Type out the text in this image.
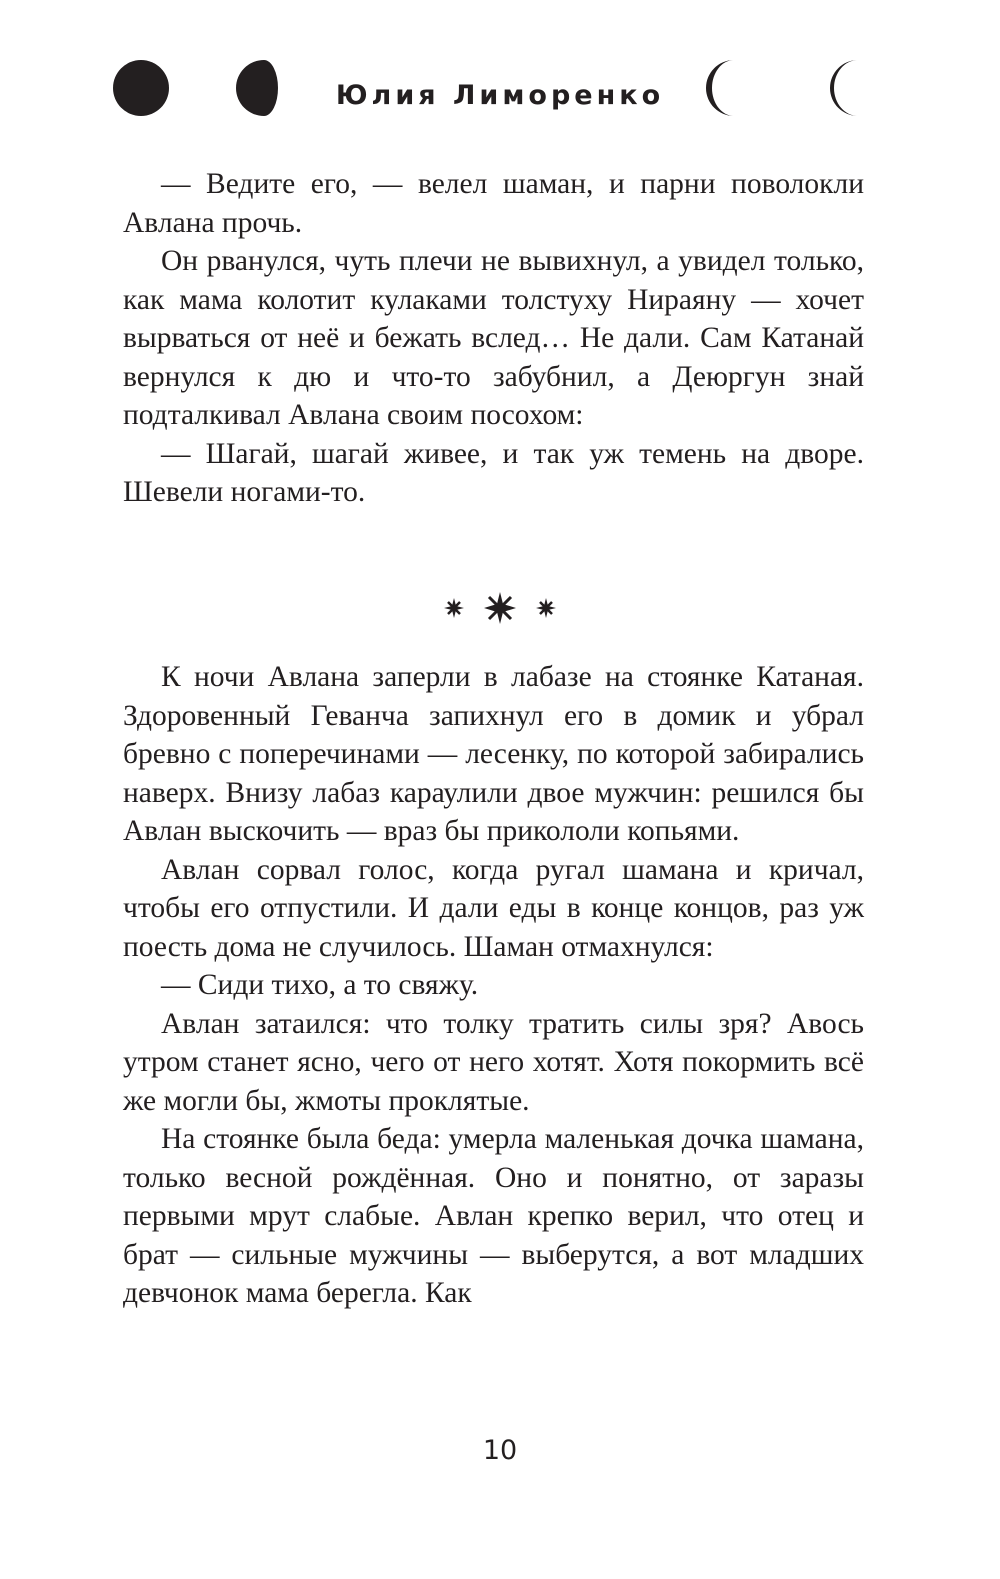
Юлия Лиморенко

— Ведите его, — велел шаман, и парни поволокли Авлана прочь.

Он рванулся, чуть плечи не вывихнул, а увидел только, как мама колотит кулаками толстуху Нираяну — хочет вырваться от неё и бежать вслед… Не дали. Сам Катанай вернулся к дю и что-то забубнил, а Деюргун знай подталкивал Авлана своим посохом:

— Шагай, шагай живее, и так уж темень на дворе. Шевели ногами-то.

К ночи Авлана заперли в лабазе на стоянке Катаная. Здоровенный Геванча запихнул его в домик и убрал бревно с поперечинами — лесенку, по которой забирались наверх. Внизу лабаз караулили двое мужчин: решился бы Авлан выскочить — враз бы прикололи копьями.

Авлан сорвал голос, когда ругал шамана и кричал, чтобы его отпустили. И дали еды в конце концов, раз уж поесть дома не случилось. Шаман отмахнулся:

— Сиди тихо, а то свяжу.

Авлан затаился: что толку тратить силы зря? Авось утром станет ясно, чего от него хотят. Хотя покормить всё же могли бы, жмоты проклятые.

На стоянке была беда: умерла маленькая дочка шамана, только весной рождённая. Оно и понятно, от заразы первыми мрут слабые. Авлан крепко верил, что отец и брат — сильные мужчины — выберутся, а вот младших девчонок мама берегла. Как

10
